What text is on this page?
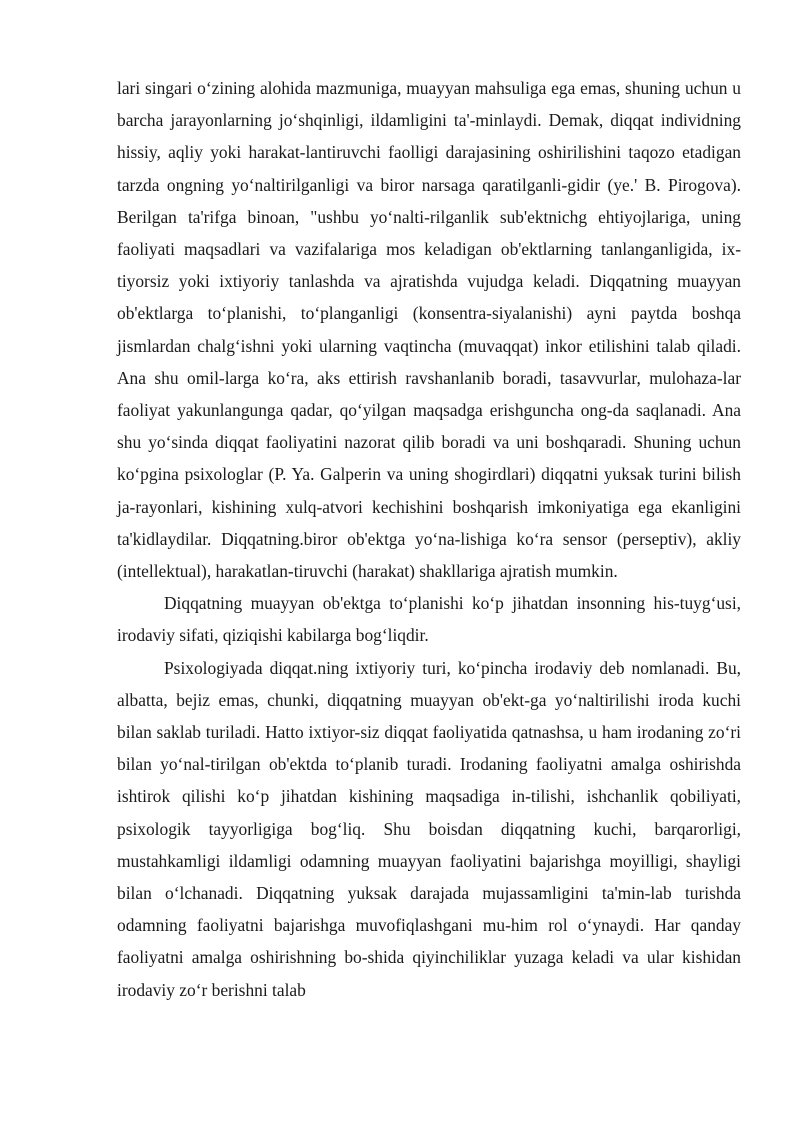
lari singari o‘zining alohida mazmuniga, muayyan mahsuliga ega emas, shuning uchun u barcha jarayonlarning jo‘shqinligi, ildamligini ta'-minlaydi. Demak, diqqat individning hissiy, aqliy yoki harakat-lantiruvchi faolligi darajasining oshirilishini taqozo etadigan tarzda ongning yo‘naltirilganligi va biror narsaga qaratilganli-gidir (ye.' B. Pirogova). Berilgan ta'rifga binoan, "ushbu yo‘nalti-rilganlik sub'ektnichg ehtiyojlariga, uning faoliyati maqsadlari va vazifalariga mos keladigan ob'ektlarning tanlanganligida, ix-tiyorsiz yoki ixtiyoriy tanlashda va ajratishda vujudga keladi. Diqqatning muayyan ob'ektlarga to‘planishi, to‘planganligi (konsentra-siyalanishi) ayni paytda boshqa jismlardan chalg‘ishni yoki ularning vaqtincha (muvaqqat) inkor etilishini talab qiladi. Ana shu omil-larga ko‘ra, aks ettirish ravshanlanib boradi, tasavvurlar, mulohaza-lar faoliyat yakunlangunga qadar, qo‘yilgan maqsadga erishguncha ong-da saqlanadi. Ana shu yo‘sinda diqqat faoliyatini nazorat qilib boradi va uni boshqaradi. Shuning uchun ko‘pgina psixologlar (P. Ya. Galperin va uning shogirdlari) diqqatni yuksak turini bilish ja-rayonlari, kishining xulq-atvori kechishini boshqarish imkoniyatiga ega ekanligini ta'kidlaydilar. Diqqatning.biror ob'ektga yo‘na-lishiga ko‘ra sensor (perseptiv), akliy (intellektual), harakatlan-tiruvchi (harakat) shakllariga ajratish mumkin.

Diqqatning muayyan ob'ektga to‘planishi ko‘p jihatdan insonning his-tuyg‘usi, irodaviy sifati, qiziqishi kabilarga bog‘liqdir.

Psixologiyada diqqat.ning ixtiyoriy turi, ko‘pincha irodaviy deb nomlanadi. Bu, albatta, bejiz emas, chunki, diqqatning muayyan ob'ekt-ga yo‘naltirilishi iroda kuchi bilan saklab turiladi. Hatto ixtiyor-siz diqqat faoliyatida qatnashsa, u ham irodaning zo‘ri bilan yo‘nal-tirilgan ob'ektda to‘planib turadi. Irodaning faoliyatni amalga oshirishda ishtirok qilishi ko‘p jihatdan kishining maqsadiga in-tilishi, ishchanlik qobiliyati, psixologik tayyorligiga bog‘liq. Shu boisdan diqqatning kuchi, barqarorligi, mustahkamligi ildamligi odamning muayyan faoliyatini bajarishga moyilligi, shayligi bilan o‘lchanadi. Diqqatning yuksak darajada mujassamligini ta'min-lab turishda odamning faoliyatni bajarishga muvofiqlashgani mu-him rol o‘ynaydi. Har qanday faoliyatni amalga oshirishning bo-shida qiyinchiliklar yuzaga keladi va ular kishidan irodaviy zo‘r berishni talab
